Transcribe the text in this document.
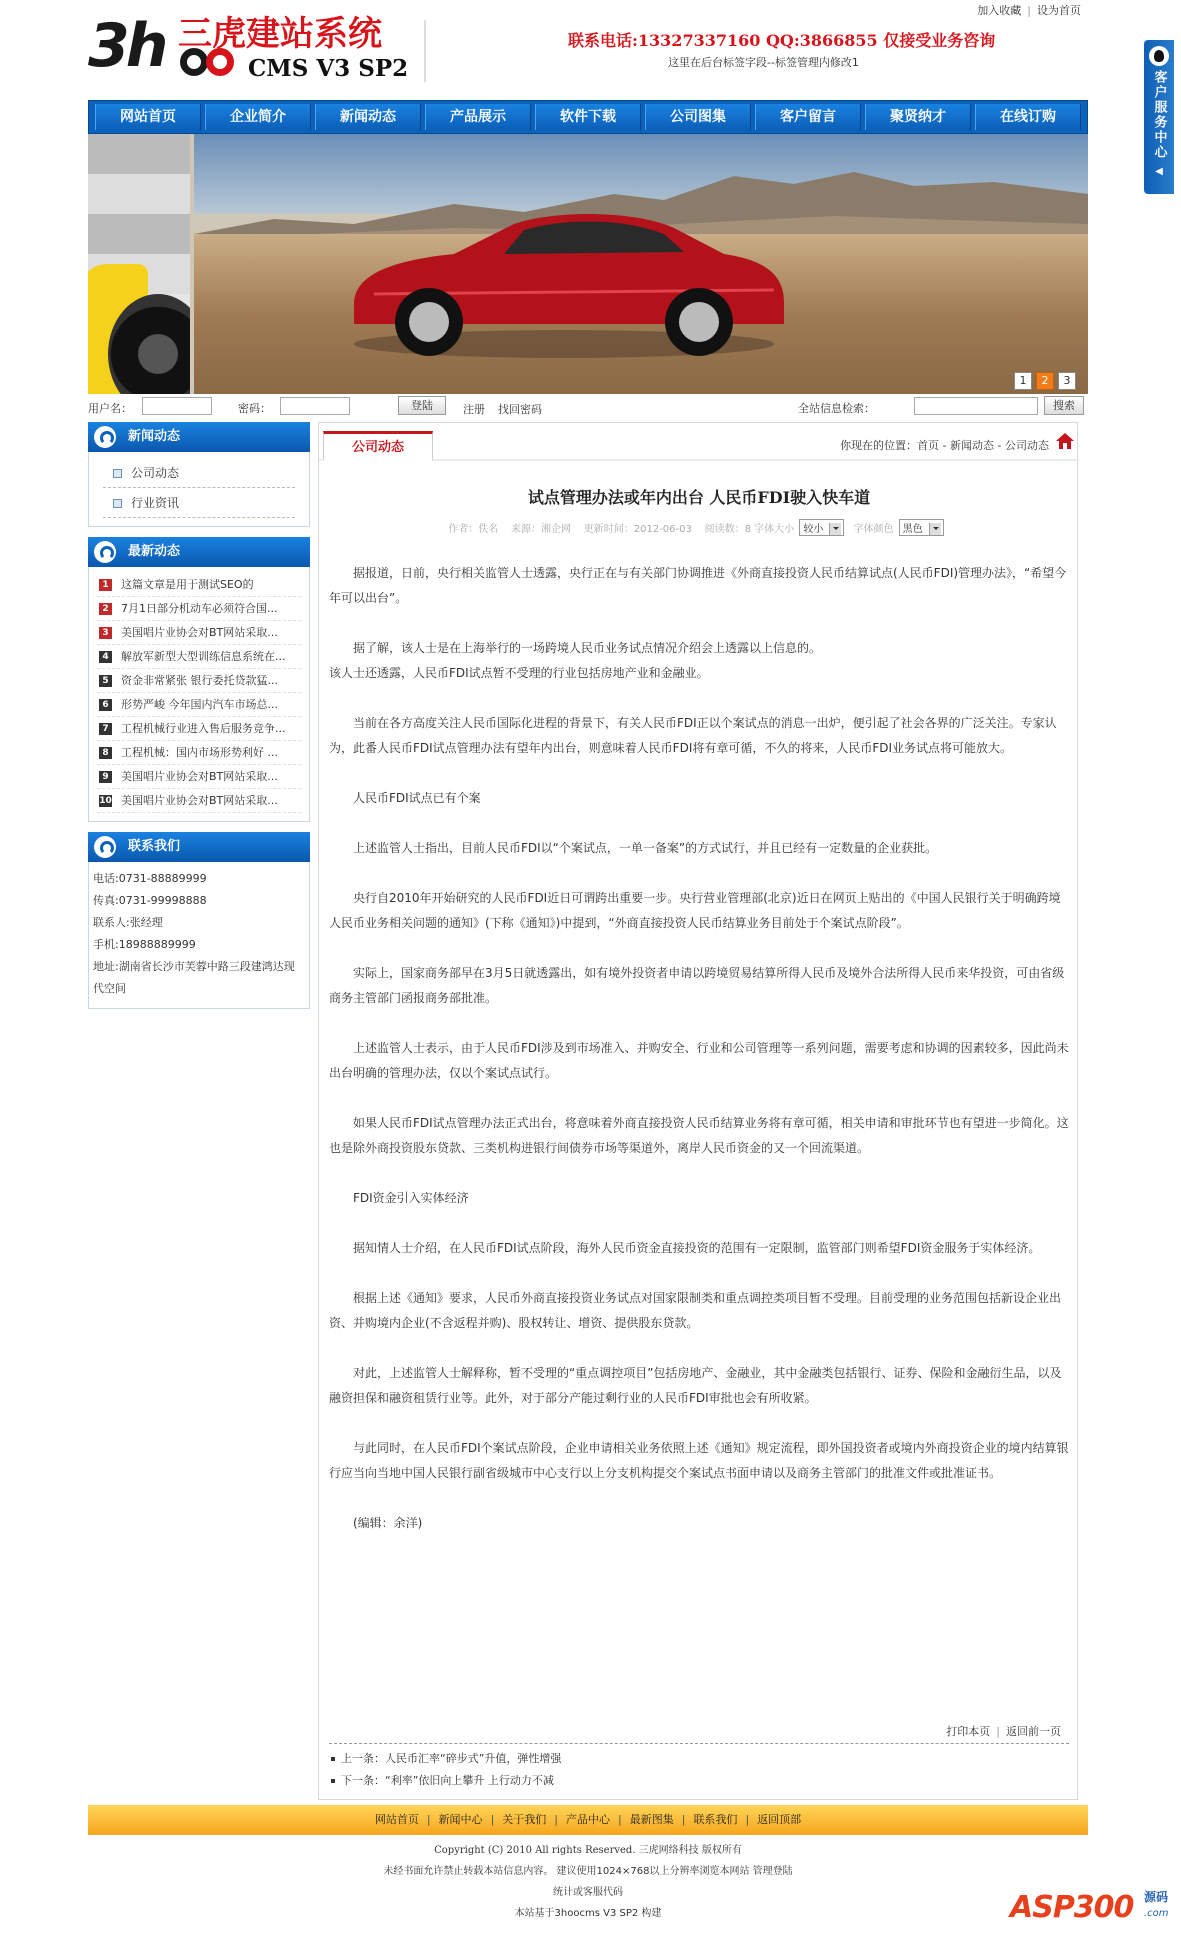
加入收藏 | 设为首页
3h 三虎建站系统
CMS V3 SP2
联系电话:13327337160 QQ:3866855 仅接受业务咨询
这里在后台标签字段--标签管理内修改1
网站首页	企业简介	新闻动态	产品展示	软件下载	公司图集	客户留言	聚贤纳才	在线订购
1	2	3
用户名：	密码：	登陆	注册 找回密码	全站信息检索：	搜索
新闻动态
公司动态
行业资讯
最新动态
1	这篇文章是用于测试SEO的
2	7月1日部分机动车必须符合国...
3	美国唱片业协会对BT网站采取...
4	解放军新型大型训练信息系统在...
5	资金非常紧张 银行委托贷款猛...
6	形势严峻 今年国内汽车市场总...
7	工程机械行业进入售后服务竞争...
8	工程机械：国内市场形势利好 ...
9	美国唱片业协会对BT网站采取...
10 美国唱片业协会对BT网站采取...
联系我们
电话:0731-88889999
传真:0731-99998888
联系人:张经理
手机:18988889999
地址:湖南省长沙市芙蓉中路三段建鸿达现代空间
公司动态	你现在的位置：首页 - 新闻动态 - 公司动态
试点管理办法或年内出台 人民币FDI驶入快车道
作者：佚名 来源：湘企网 更新时间：2012-06-03 阅读数：8 字体大小 较小	字体颜色 黑色

据报道，日前，央行相关监管人士透露，央行正在与有关部门协调推进《外商直接投资人民币结算试点(人民币FDI)管理办法》，“希望今年可以出台”。

据了解，该人士是在上海举行的一场跨境人民币业务试点情况介绍会上透露以上信息的。
该人士还透露，人民币FDI试点暂不受理的行业包括房地产业和金融业。

当前在各方高度关注人民币国际化进程的背景下，有关人民币FDI正以个案试点的消息一出炉，便引起了社会各界的广泛关注。专家认为，此番人民币FDI试点管理办法有望年内出台，则意味着人民币FDI将有章可循，不久的将来，人民币FDI业务试点将可能放大。

人民币FDI试点已有个案

上述监管人士指出，目前人民币FDI以“个案试点，一单一备案”的方式试行，并且已经有一定数量的企业获批。

央行自2010年开始研究的人民币FDI近日可谓跨出重要一步。央行营业管理部(北京)近日在网页上贴出的《中国人民银行关于明确跨境人民币业务相关问题的通知》(下称《通知》)中提到，“外商直接投资人民币结算业务目前处于个案试点阶段”。

实际上，国家商务部早在3月5日就透露出，如有境外投资者申请以跨境贸易结算所得人民币及境外合法所得人民币来华投资，可由省级商务主管部门函报商务部批准。

上述监管人士表示，由于人民币FDI涉及到市场准入、并购安全、行业和公司管理等一系列问题，需要考虑和协调的因素较多，因此尚未出台明确的管理办法，仅以个案试点试行。

如果人民币FDI试点管理办法正式出台，将意味着外商直接投资人民币结算业务将有章可循，相关申请和审批环节也有望进一步简化。这也是除外商投资股东贷款、三类机构进银行间债券市场等渠道外，离岸人民币资金的又一个回流渠道。

FDI资金引入实体经济

据知情人士介绍，在人民币FDI试点阶段，海外人民币资金直接投资的范围有一定限制，监管部门则希望FDI资金服务于实体经济。

根据上述《通知》要求，人民币外商直接投资业务试点对国家限制类和重点调控类项目暂不受理。目前受理的业务范围包括新设企业出资、并购境内企业(不含返程并购)、股权转让、增资、提供股东贷款。

对此，上述监管人士解释称，暂不受理的“重点调控项目”包括房地产、金融业，其中金融类包括银行、证券、保险和金融衍生品，以及融资担保和融资租赁行业等。此外，对于部分产能过剩行业的人民币FDI审批也会有所收紧。

与此同时，在人民币FDI个案试点阶段，企业申请相关业务依照上述《通知》规定流程，即外国投资者或境内外商投资企业的境内结算银行应当向当地中国人民银行副省级城市中心支行以上分支机构提交个案试点书面申请以及商务主管部门的批准文件或批准证书。

(编辑：余洋)

打印本页 | 返回前一页
上一条：人民币汇率“碎步式”升值，弹性增强
下一条：“利率”依旧向上攀升 上行动力不减
网站首页 | 新闻中心 | 关于我们 | 产品中心 | 最新图集 | 联系我们 | 返回顶部
Copyright (C) 2010 All rights Reserved. 三虎网络科技 版权所有
未经书面允许禁止转载本站信息内容。 建议使用1024×768以上分辨率浏览本网站 管理登陆
统计或客服代码
本站基于3hoocms V3 SP2 构建
客户服务中心
◀
ASP300 源码
.com
